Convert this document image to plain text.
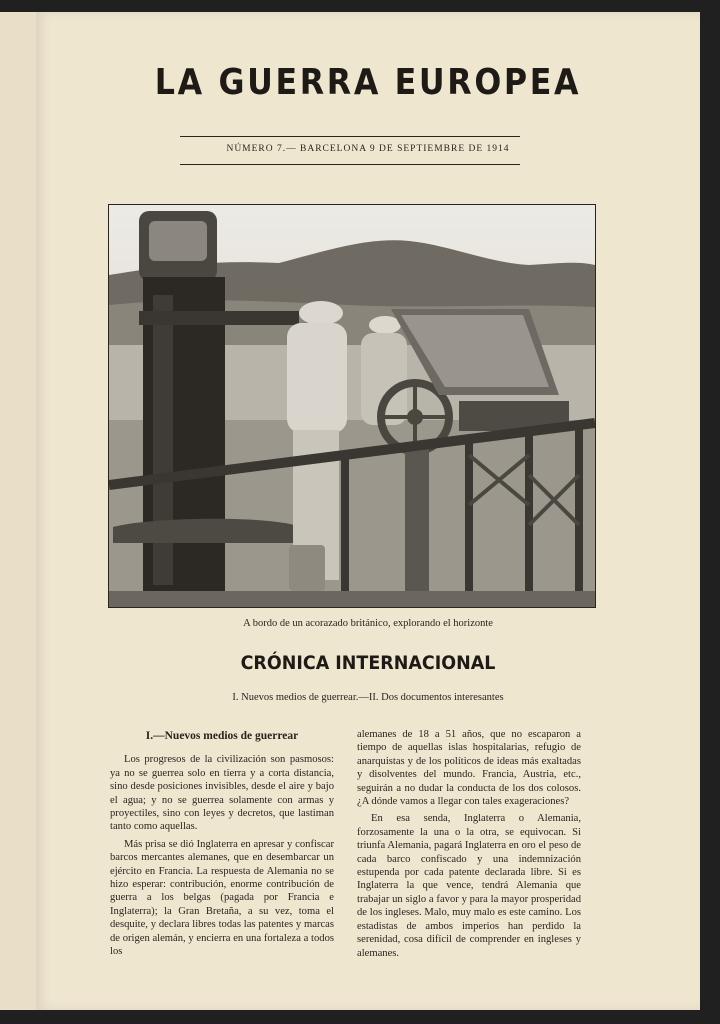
LA GUERRA EUROPEA
NÚMERO 7.— BARCELONA 9 DE SEPTIEMBRE DE 1914
A bordo de un acorazado británico, explorando el horizonte
CRÓNICA INTERNACIONAL
I. Nuevos medios de guerrear.—II. Dos documentos interesantes
I.—Nuevos medios de guerrear

Los progresos de la civilización son pasmosos: ya no se guerrea solo en tierra y a corta distancia, sino desde posiciones invisibles, desde el aire y bajo el agua; y no se guerrea solamente con armas y proyectiles, sino con leyes y decretos, que lastiman tanto como aquellas.

Más prisa se dió Inglaterra en apresar y confiscar barcos mercantes alemanes, que en desembarcar un ejército en Francia. La respuesta de Alemania no se hizo esperar: contribución, enorme contribución de guerra a los belgas (pagada por Francia e Inglaterra); la Gran Bretaña, a su vez, toma el desquite, y declara libres todas las patentes y marcas de origen alemán, y encierra en una fortaleza a todos los

alemanes de 18 a 51 años, que no escaparon a tiempo de aquellas islas hospitalarias, refugio de anarquistas y de los políticos de ideas más exaltadas y disolventes del mundo. Francia, Austria, etc., seguirán a no dudar la conducta de los dos colosos. ¿A dónde vamos a llegar con tales exageraciones?

En esa senda, Inglaterra o Alemania, forzosamente la una o la otra, se equivocan. Si triunfa Alemania, pagará Inglaterra en oro el peso de cada barco confiscado y una indemnización estupenda por cada patente declarada libre. Si es Inglaterra la que vence, tendrá Alemania que trabajar un siglo a favor y para la mayor prosperidad de los ingleses. Malo, muy malo es este camino. Los estadistas de ambos imperios han perdido la serenidad, cosa difícil de comprender en ingleses y alemanes.
